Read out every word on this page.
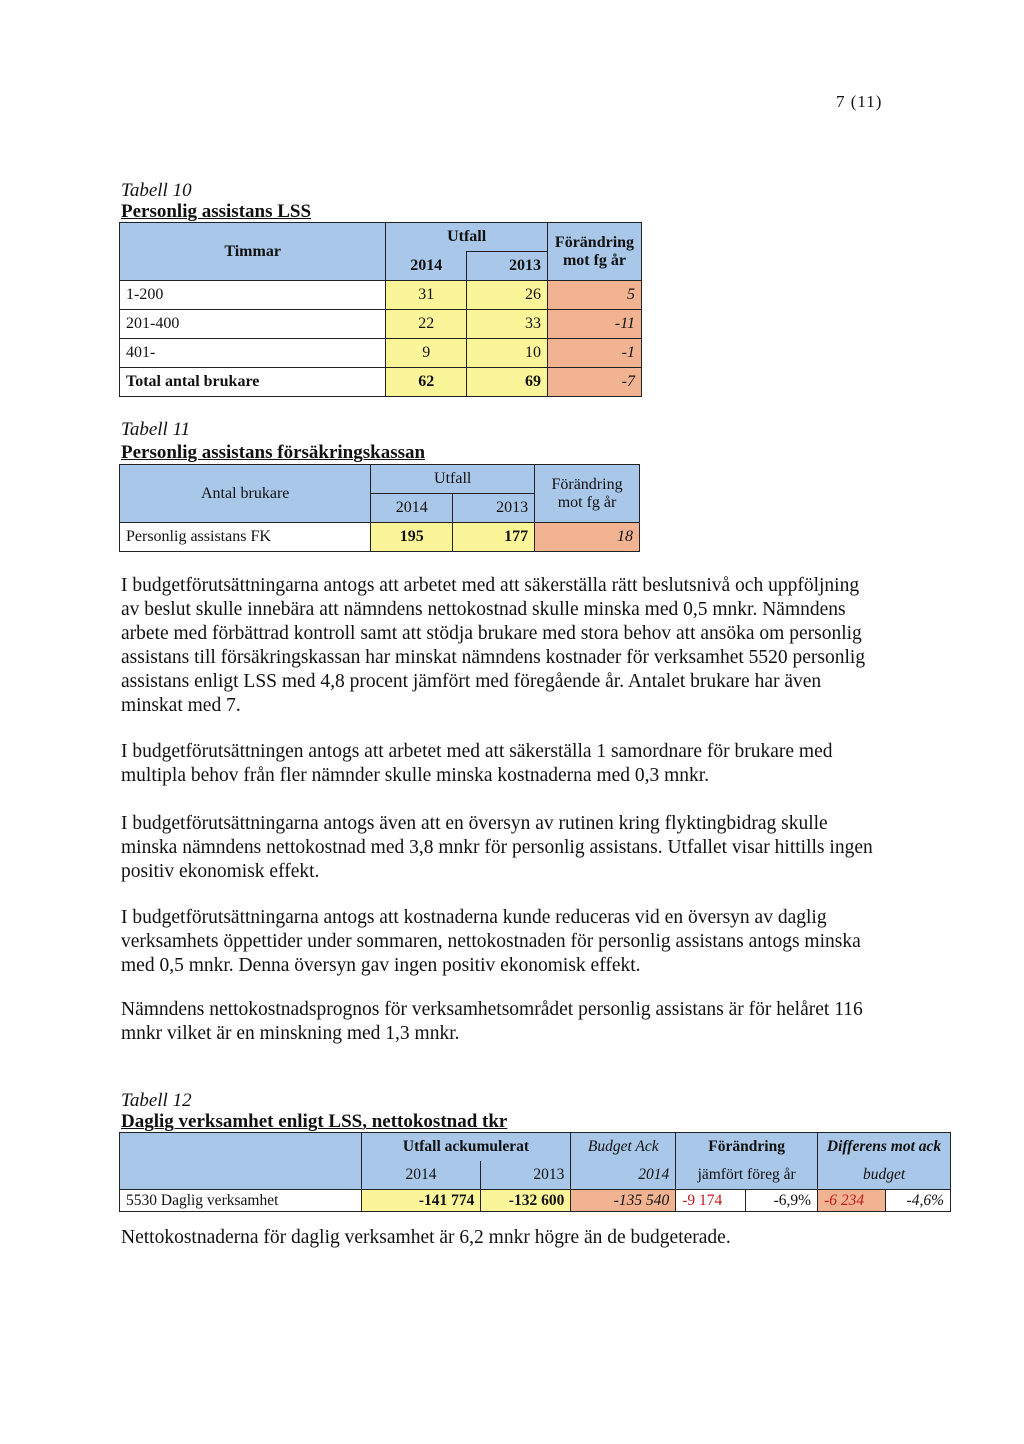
7 (11)
Tabell 10
Personlig assistans LSS
Timmar	Utfall		Förändring
mot fg år

	2014	2013	
1-200	31	26	5
201-400	22	33	-11
401-	9	10	-1
Total antal brukare	62	69	-7
Tabell 11
Personlig assistans försäkringskassan
Antal brukare	Utfall		Förändring
mot fg år

	2014	2013	
Personlig assistans FK	195	177	18

I budgetförutsättningarna antogs att arbetet med att säkerställa rätt beslutsnivå och uppföljning av beslut skulle innebära att nämndens nettokostnad skulle minska med 0,5 mnkr. Nämndens arbete med förbättrad kontroll samt att stödja brukare med stora behov att ansöka om personlig assistans till försäkringskassan har minskat nämndens kostnader för verksamhet 5520 personlig assistans enligt LSS med 4,8 procent jämfört med föregående år. Antalet brukare har även minskat med 7.

I budgetförutsättningen antogs att arbetet med att säkerställa 1 samordnare för brukare med multipla behov från fler nämnder skulle minska kostnaderna med 0,3 mnkr.

I budgetförutsättningarna antogs även att en översyn av rutinen kring flyktingbidrag skulle minska nämndens nettokostnad med 3,8 mnkr för personlig assistans. Utfallet visar hittills ingen positiv ekonomisk effekt.

I budgetförutsättningarna antogs att kostnaderna kunde reduceras vid en översyn av daglig verksamhets öppettider under sommaren, nettokostnaden för personlig assistans antogs minska med 0,5 mnkr. Denna översyn gav ingen positiv ekonomisk effekt.

Nämndens nettokostnadsprognos för verksamhetsområdet personlig assistans är för helåret 116 mnkr vilket är en minskning med 1,3 mnkr.

Tabell 12
Daglig verksamhet enligt LSS, nettokostnad tkr
	Utfall ackumulerat		Budget Ack	Förändring		Differens mot ack	
	2014	2013	2014	jämfört föreg år		budget	
5530 Daglig verksamhet	-141 774	-132 600	-135 540	-9 174	-6,9%	-6 234	-4,6%

Nettokostnaderna för daglig verksamhet är 6,2 mnkr högre än de budgeterade.
